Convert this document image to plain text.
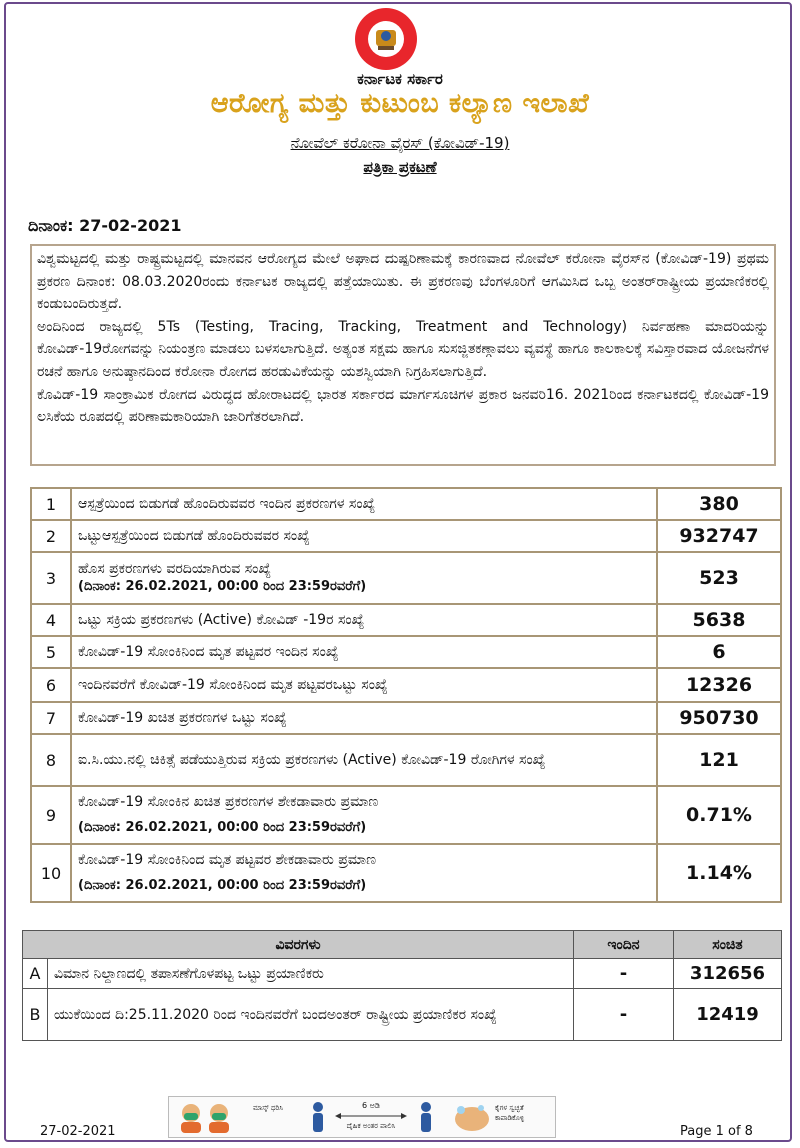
ಕರ್ನಾಟಕ ಸರ್ಕಾರ
ಆರೋಗ್ಯ ಮತ್ತು ಕುಟುಂಬ ಕಲ್ಯಾಣ ಇಲಾಖೆ
ನೋವೆಲ್ ಕರೋನಾ ವೈರಸ್ (ಕೋವಿಡ್-19)
ಪತ್ರಿಕಾ ಪ್ರಕಟಣೆ
ದಿನಾಂಕ: 27-02-2021

ವಿಶ್ವಮಟ್ಟದಲ್ಲಿ ಮತ್ತು ರಾಷ್ಟ್ರಮಟ್ಟದಲ್ಲಿ ಮಾನವನ ಆರೋಗ್ಯದ ಮೇಲೆ ಅಘಾದ ದುಷ್ಪರಿಣಾಮಕ್ಕೆ ಕಾರಣವಾದ ನೋವೆಲ್ ಕರೋನಾ ವೈರಸ್‌ನ (ಕೋವಿಡ್-19) ಪ್ರಥಮ ಪ್ರಕರಣ ದಿನಾಂಕ: 08.03.2020ರಂದು ಕರ್ನಾಟಕ ರಾಜ್ಯದಲ್ಲಿ ಪತ್ತೆಯಾಯಿತು. ಈ ಪ್ರಕರಣವು ಬೆಂಗಳೂರಿಗೆ ಆಗಮಿಸಿದ ಒಬ್ಬ ಅಂತರ್‌ರಾಷ್ಟ್ರೀಯ ಪ್ರಯಾಣಿಕರಲ್ಲಿ ಕಂಡುಬಂದಿರುತ್ತದೆ.

ಅಂದಿನಿಂದ ರಾಜ್ಯದಲ್ಲಿ 5Ts (Testing, Tracing, Tracking, Treatment and Technology) ನಿರ್ವಹಣಾ ಮಾದರಿಯನ್ನು ಕೋವಿಡ್-19ರೋಗವನ್ನು ನಿಯಂತ್ರಣ ಮಾಡಲು ಬಳಸಲಾಗುತ್ತಿದೆ. ಅತ್ಯಂತ ಸಕ್ಷಮ ಹಾಗೂ ಸುಸಜ್ಜಿತಕಣ್ಗಾವಲು ವ್ಯವಸ್ಥೆ ಹಾಗೂ ಕಾಲಕಾಲಕ್ಕೆ ಸವಿಸ್ತಾರವಾದ ಯೋಜನೆಗಳ ರಚನೆ ಹಾಗೂ ಅನುಷ್ಠಾನದಿಂದ ಕರೋನಾ ರೋಗದ ಹರಡುವಿಕೆಯನ್ನು ಯಶಸ್ವಿಯಾಗಿ ನಿಗ್ರಹಿಸಲಾಗುತ್ತಿದೆ.

ಕೊವಿಡ್-19 ಸಾಂಕ್ರಾಮಿಕ ರೋಗದ ವಿರುದ್ಧದ ಹೋರಾಟದಲ್ಲಿ ಭಾರತ ಸರ್ಕಾರದ ಮಾರ್ಗಸೂಚಿಗಳ ಪ್ರಕಾರ ಜನವರಿ16. 2021ರಿಂದ ಕರ್ನಾಟಕದಲ್ಲಿ ಕೋವಿಡ್-19 ಲಸಿಕೆಯ ರೂಪದಲ್ಲಿ ಪರಿಣಾಮಕಾರಿಯಾಗಿ ಜಾರಿಗೆತರಲಾಗಿದೆ.

1	ಆಸ್ಪತ್ರೆಯಿಂದ ಬಿಡುಗಡೆ ಹೊಂದಿರುವವರ ಇಂದಿನ ಪ್ರಕರಣಗಳ ಸಂಖ್ಯೆ	380
2	ಒಟ್ಟುಆಸ್ಪತ್ರೆಯಿಂದ ಬಿಡುಗಡೆ ಹೊಂದಿರುವವರ ಸಂಖ್ಯೆ	932747
3	ಹೊಸ ಪ್ರಕರಣಗಳು ವರದಿಯಾಗಿರುವ ಸಂಖ್ಯೆ
(ದಿನಾಂಕ: 26.02.2021, 00:00 ರಿಂದ 23:59ರವರೆಗೆ)	523
4	ಒಟ್ಟು ಸಕ್ರಿಯ ಪ್ರಕರಣಗಳು (Active) ಕೋವಿಡ್ -19ರ ಸಂಖ್ಯೆ	5638
5	ಕೋವಿಡ್-19 ಸೋಂಕಿನಿಂದ ಮೃತ ಪಟ್ಟವರ ಇಂದಿನ ಸಂಖ್ಯೆ	6
6	ಇಂದಿನವರೆಗೆ ಕೋವಿಡ್-19 ಸೋಂಕಿನಿಂದ ಮೃತ ಪಟ್ಟವರಒಟ್ಟು ಸಂಖ್ಯೆ	12326
7	ಕೋವಿಡ್-19 ಖಚಿತ ಪ್ರಕರಣಗಳ ಒಟ್ಟು ಸಂಖ್ಯೆ	950730
8	ಐ.ಸಿ.ಯು.ನಲ್ಲಿ ಚಿಕಿತ್ಸೆ ಪಡೆಯುತ್ತಿರುವ ಸಕ್ರಿಯ ಪ್ರಕರಣಗಳು (Active) ಕೋವಿಡ್-19 ರೋಗಿಗಳ ಸಂಖ್ಯೆ	121
9	ಕೋವಿಡ್-19 ಸೋಂಕಿನ ಖಚಿತ ಪ್ರಕರಣಗಳ ಶೇಕಡಾವಾರು ಪ್ರಮಾಣ
(ದಿನಾಂಕ: 26.02.2021, 00:00 ರಿಂದ 23:59ರವರೆಗೆ)	0.71%
10	ಕೋವಿಡ್-19 ಸೋಂಕಿನಿಂದ ಮೃತ ಪಟ್ಟವರ ಶೇಕಡಾವಾರು ಪ್ರಮಾಣ
(ದಿನಾಂಕ: 26.02.2021, 00:00 ರಿಂದ 23:59ರವರೆಗೆ)	1.14%
ವಿವರಗಳು		ಇಂದಿನ	ಸಂಚಿತ
A	ವಿಮಾನ ನಿಲ್ದಾಣದಲ್ಲಿ ತಪಾಸಣೆಗೊಳಪಟ್ಟ ಒಟ್ಟು ಪ್ರಯಾಣಿಕರು	-	312656
B	ಯುಕೆಯಿಂದ ದಿ:25.11.2020 ರಿಂದ ಇಂದಿನವರೆಗೆ ಬಂದಅಂತರ್ ರಾಷ್ಟ್ರೀಯ ಪ್ರಯಾಣಿಕರ ಸಂಖ್ಯೆ	-	12419
ಮಾಸ್ಕ್ ಧರಿಸಿ	6 ಅಡಿ
ದೈಹಿಕ ಅಂತರ ಪಾಲಿಸಿ
ಕೈಗಳ ಸ್ವಚ್ಛತೆ ಕಾಪಾಡಿಕೊಳ್ಳಿ
27-02-2021	Page 1 of 8
